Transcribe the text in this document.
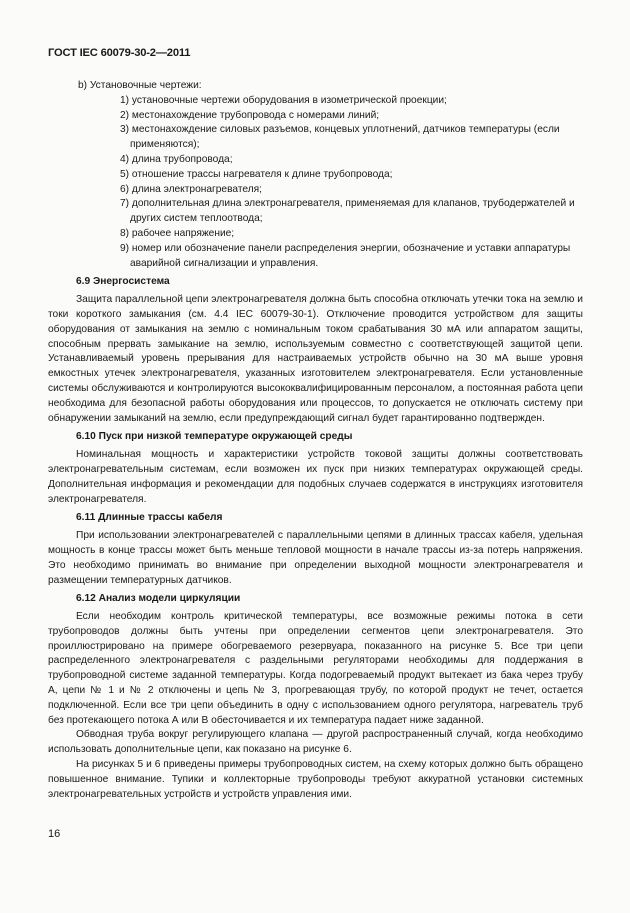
ГОСТ IEC 60079-30-2—2011
b) Установочные чертежи:
1) установочные чертежи оборудования в изометрической проекции;
2) местонахождение трубопровода с номерами линий;
3) местонахождение силовых разъемов, концевых уплотнений, датчиков температуры (если применяются);
4) длина трубопровода;
5) отношение трассы нагревателя к длине трубопровода;
6) длина электронагревателя;
7) дополнительная длина электронагревателя, применяемая для клапанов, трубодержателей и других систем теплоотвода;
8) рабочее напряжение;
9) номер или обозначение панели распределения энергии, обозначение и уставки аппаратуры аварийной сигнализации и управления.
6.9 Энергосистема

Защита параллельной цепи электронагревателя должна быть способна отключать утечки тока на землю и токи короткого замыкания (см. 4.4 IEC 60079-30-1). Отключение проводится устройством для защиты оборудования от замыкания на землю с номинальным током срабатывания 30 мА или аппаратом защиты, способным прервать замыкание на землю, используемым совместно с соответствующей защитой цепи. Устанавливаемый уровень прерывания для настраиваемых устройств обычно на 30 мА выше уровня емкостных утечек электронагревателя, указанных изготовителем электронагревателя. Если установленные системы обслуживаются и контролируются высококвалифицированным персоналом, а постоянная работа цепи необходима для безопасной работы оборудования или процессов, то допускается не отключать систему при обнаружении замыканий на землю, если предупреждающий сигнал будет гарантированно подтвержден.

6.10 Пуск при низкой температуре окружающей среды

Номинальная мощность и характеристики устройств токовой защиты должны соответствовать электронагревательным системам, если возможен их пуск при низких температурах окружающей среды. Дополнительная информация и рекомендации для подобных случаев содержатся в инструкциях изготовителя электронагревателя.

6.11 Длинные трассы кабеля

При использовании электронагревателей с параллельными цепями в длинных трассах кабеля, удельная мощность в конце трассы может быть меньше тепловой мощности в начале трассы из-за потерь напряжения. Это необходимо принимать во внимание при определении выходной мощности электронагревателя и размещении температурных датчиков.

6.12 Анализ модели циркуляции

Если необходим контроль критической температуры, все возможные режимы потока в сети трубопроводов должны быть учтены при определении сегментов цепи электронагревателя. Это проиллюстрировано на примере обогреваемого резервуара, показанного на рисунке 5. Все три цепи распределенного электронагревателя с раздельными регуляторами необходимы для поддержания в трубопроводной системе заданной температуры. Когда подогреваемый продукт вытекает из бака через трубу А, цепи № 1 и № 2 отключены и цепь № 3, прогревающая трубу, по которой продукт не течет, остается подключенной. Если все три цепи объединить в одну с использованием одного регулятора, нагреватель труб без протекающего потока А или В обесточивается и их температура падает ниже заданной.

Обводная труба вокруг регулирующего клапана — другой распространенный случай, когда необходимо использовать дополнительные цепи, как показано на рисунке 6.

На рисунках 5 и 6 приведены примеры трубопроводных систем, на схему которых должно быть обращено повышенное внимание. Тупики и коллекторные трубопроводы требуют аккуратной установки системных электронагревательных устройств и устройств управления ими.

16
